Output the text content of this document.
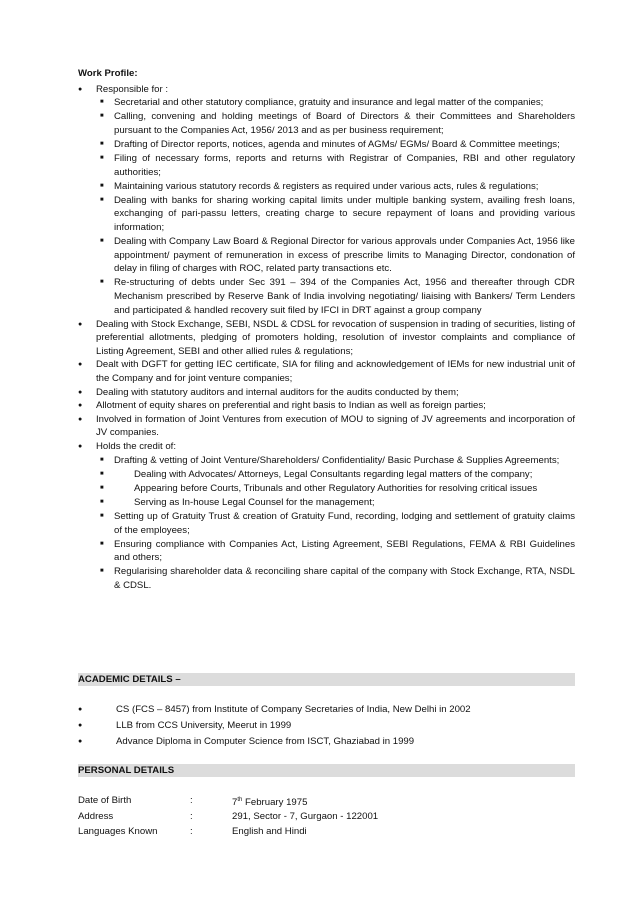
Work Profile:
● Responsible for :
■ Secretarial and other statutory compliance, gratuity and insurance and legal matter of the companies;
■ Calling, convening and holding meetings of Board of Directors & their Committees and Shareholders pursuant to the Companies Act, 1956/ 2013 and as per business requirement;
■ Drafting of Director reports, notices, agenda and minutes of AGMs/ EGMs/ Board & Committee meetings;
■ Filing of necessary forms, reports and returns with Registrar of Companies, RBI and other regulatory authorities;
■ Maintaining various statutory records & registers as required under various acts, rules & regulations;
■ Dealing with banks for sharing working capital limits under multiple banking system, availing fresh loans, exchanging of pari-passu letters, creating charge to secure repayment of loans and providing various information;
■ Dealing with Company Law Board & Regional Director for various approvals under Companies Act, 1956 like appointment/ payment of remuneration in excess of prescribe limits to Managing Director, condonation of delay in filing of charges with ROC, related party transactions etc.
■ Re-structuring of debts under Sec 391 – 394 of the Companies Act, 1956 and thereafter through CDR Mechanism prescribed by Reserve Bank of India involving negotiating/ liaising with Bankers/ Term Lenders and participated & handled recovery suit filed by IFCI in DRT against a group company
● Dealing with Stock Exchange, SEBI, NSDL & CDSL for revocation of suspension in trading of securities, listing of preferential allotments, pledging of promoters holding, resolution of investor complaints and compliance of Listing Agreement, SEBI and other allied rules & regulations;
● Dealt with DGFT for getting IEC certificate, SIA for filing and acknowledgement of IEMs for new industrial unit of the Company and for joint venture companies;
● Dealing with statutory auditors and internal auditors for the audits conducted by them;
● Allotment of equity shares on preferential and right basis to Indian as well as foreign parties;
● Involved in formation of Joint Ventures from execution of MOU to signing of JV agreements and incorporation of JV companies.
● Holds the credit of:
■ Drafting & vetting of Joint Venture/Shareholders/ Confidentiality/ Basic Purchase & Supplies Agreements;
■ Dealing with Advocates/ Attorneys, Legal Consultants regarding legal matters of the company;
■ Appearing before Courts, Tribunals and other Regulatory Authorities for resolving critical issues
■ Serving as In-house Legal Counsel for the management;
■ Setting up of Gratuity Trust & creation of Gratuity Fund, recording, lodging and settlement of gratuity claims of the employees;
■ Ensuring compliance with Companies Act, Listing Agreement, SEBI Regulations, FEMA & RBI Guidelines and others;
■ Regularising shareholder data & reconciling share capital of the company with Stock Exchange, RTA, NSDL & CDSL.
ACADEMIC DETAILS –
● CS (FCS – 8457) from Institute of Company Secretaries of India, New Delhi in 2002
● LLB from CCS University, Meerut in 1999
● Advance Diploma in Computer Science from ISCT, Ghaziabad in 1999
PERSONAL DETAILS
Date of Birth	:	7th February 1975
Address	:	291, Sector - 7, Gurgaon - 122001
Languages Known	:	English and Hindi
